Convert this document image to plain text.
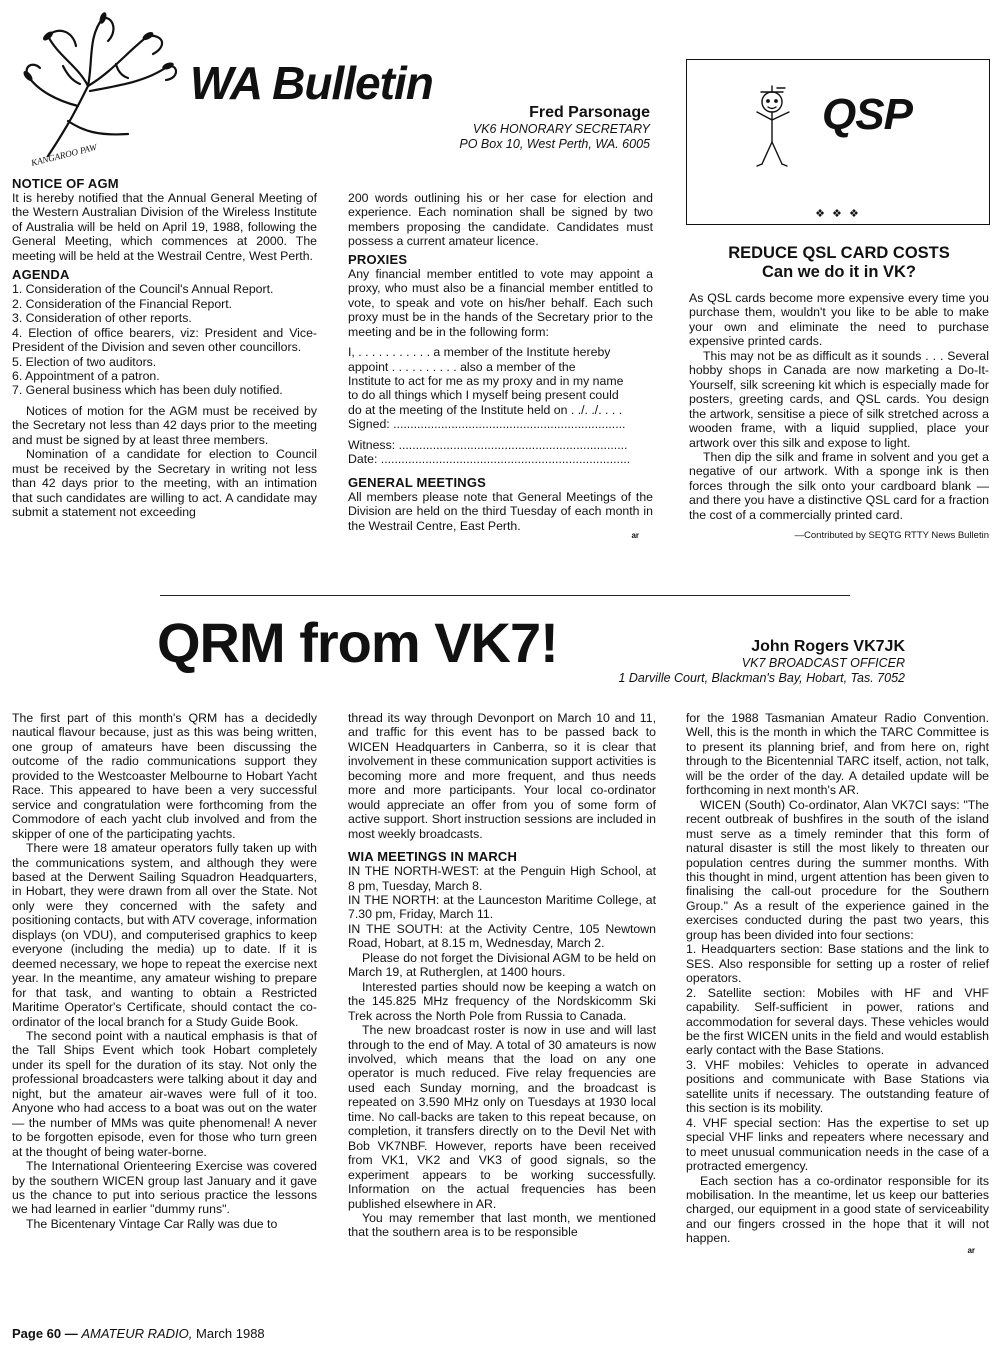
KANGAROO PAW
WA Bulletin
Fred Parsonage
VK6 HONORARY SECRETARY
PO Box 10, West Perth, WA. 6005

NOTICE OF AGM

It is hereby notified that the Annual General Meeting of the Western Australian Division of the Wireless Institute of Australia will be held on April 19, 1988, following the General Meeting, which commences at 2000. The meeting will be held at the Westrail Centre, West Perth.

AGENDA

1. Consideration of the Council's Annual Report.

2. Consideration of the Financial Report.

3. Consideration of other reports.

4. Election of office bearers, viz: President and Vice-President of the Division and seven other councillors.

5. Election of two auditors.

6. Appointment of a patron.

7. General business which has been duly notified.

Notices of motion for the AGM must be received by the Secretary not less than 42 days prior to the meeting and must be signed by at least three members.

Nomination of a candidate for election to Council must be received by the Secretary in writing not less than 42 days prior to the meeting, with an intimation that such candidates are willing to act. A candidate may submit a statement not exceeding

200 words outlining his or her case for election and experience. Each nomination shall be signed by two members proposing the candidate. Candidates must possess a current amateur licence.

PROXIES

Any financial member entitled to vote may appoint a proxy, who must also be a financial member entitled to vote, to speak and vote on his/her behalf. Each such proxy must be in the hands of the Secretary prior to the meeting and be in the following form:

I, . . . . . . . . . . . a member of the Institute hereby

appoint . . . . . . . . . . also a member of the

Institute to act for me as my proxy and in my name

to do all things which I myself being present could

do at the meeting of the Institute held on . ./. ./. . . .

Signed: ....................................................................

Witness: ...................................................................

Date: .........................................................................

GENERAL MEETINGS

All members please note that General Meetings of the Division are held on the third Tuesday of each month in the Westrail Centre, East Perth.

ar
QSP
❖ ❖ ❖

REDUCE QSL CARD COSTS

Can we do it in VK?

As QSL cards become more expensive every time you purchase them, wouldn't you like to be able to make your own and eliminate the need to purchase expensive printed cards.

This may not be as difficult as it sounds . . . Several hobby shops in Canada are now marketing a Do-It-Yourself, silk screening kit which is especially made for posters, greeting cards, and QSL cards. You design the artwork, sensitise a piece of silk stretched across a wooden frame, with a liquid supplied, place your artwork over this silk and expose to light.

Then dip the silk and frame in solvent and you get a negative of our artwork. With a sponge ink is then forces through the silk onto your cardboard blank — and there you have a distinctive QSL card for a fraction the cost of a commercially printed card.

—Contributed by SEQTG RTTY News Bulletin

QRM from VK7!	John Rogers VK7JK
VK7 BROADCAST OFFICER
1 Darville Court, Blackman's Bay, Hobart, Tas. 7052

The first part of this month's QRM has a decidedly nautical flavour because, just as this was being written, one group of amateurs have been discussing the outcome of the radio communications support they provided to the Westcoaster Melbourne to Hobart Yacht Race. This appeared to have been a very successful service and congratulation were forthcoming from the Commodore of each yacht club involved and from the skipper of one of the participating yachts.

There were 18 amateur operators fully taken up with the communications system, and although they were based at the Derwent Sailing Squadron Headquarters, in Hobart, they were drawn from all over the State. Not only were they concerned with the safety and positioning contacts, but with ATV coverage, information displays (on VDU), and computerised graphics to keep everyone (including the media) up to date. If it is deemed necessary, we hope to repeat the exercise next year. In the meantime, any amateur wishing to prepare for that task, and wanting to obtain a Restricted Maritime Operator's Certificate, should contact the co-ordinator of the local branch for a Study Guide Book.

The second point with a nautical emphasis is that of the Tall Ships Event which took Hobart completely under its spell for the duration of its stay. Not only the professional broadcasters were talking about it day and night, but the amateur air-waves were full of it too. Anyone who had access to a boat was out on the water — the number of MMs was quite phenomenal! A never to be forgotten episode, even for those who turn green at the thought of being water-borne.

The International Orienteering Exercise was covered by the southern WICEN group last January and it gave us the chance to put into serious practice the lessons we had learned in earlier "dummy runs".

The Bicentenary Vintage Car Rally was due to

thread its way through Devonport on March 10 and 11, and traffic for this event has to be passed back to WICEN Headquarters in Canberra, so it is clear that involvement in these communication support activities is becoming more and more frequent, and thus needs more and more participants. Your local co-ordinator would appreciate an offer from you of some form of active support. Short instruction sessions are included in most weekly broadcasts.

WIA MEETINGS IN MARCH

IN THE NORTH-WEST: at the Penguin High School, at 8 pm, Tuesday, March 8.

IN THE NORTH: at the Launceston Maritime College, at 7.30 pm, Friday, March 11.

IN THE SOUTH: at the Activity Centre, 105 Newtown Road, Hobart, at 8.15 m, Wednesday, March 2.

Please do not forget the Divisional AGM to be held on March 19, at Rutherglen, at 1400 hours.

Interested parties should now be keeping a watch on the 145.825 MHz frequency of the Nordskicomm Ski Trek across the North Pole from Russia to Canada.

The new broadcast roster is now in use and will last through to the end of May. A total of 30 amateurs is now involved, which means that the load on any one operator is much reduced. Five relay frequencies are used each Sunday morning, and the broadcast is repeated on 3.590 MHz only on Tuesdays at 1930 local time. No call-backs are taken to this repeat because, on completion, it transfers directly on to the Devil Net with Bob VK7NBF. However, reports have been received from VK1, VK2 and VK3 of good signals, so the experiment appears to be working successfully. Information on the actual frequencies has been published elsewhere in AR.

You may remember that last month, we mentioned that the southern area is to be responsible

for the 1988 Tasmanian Amateur Radio Convention. Well, this is the month in which the TARC Committee is to present its planning brief, and from here on, right through to the Bicentennial TARC itself, action, not talk, will be the order of the day. A detailed update will be forthcoming in next month's AR.

WICEN (South) Co-ordinator, Alan VK7CI says: "The recent outbreak of bushfires in the south of the island must serve as a timely reminder that this form of natural disaster is still the most likely to threaten our population centres during the summer months. With this thought in mind, urgent attention has been given to finalising the call-out procedure for the Southern Group." As a result of the experience gained in the exercises conducted during the past two years, this group has been divided into four sections:

1. Headquarters section: Base stations and the link to SES. Also responsible for setting up a roster of relief operators.

2. Satellite section: Mobiles with HF and VHF capability. Self-sufficient in power, rations and accommodation for several days. These vehicles would be the first WICEN units in the field and would establish early contact with the Base Stations.

3. VHF mobiles: Vehicles to operate in advanced positions and communicate with Base Stations via satellite units if necessary. The outstanding feature of this section is its mobility.

4. VHF special section: Has the expertise to set up special VHF links and repeaters where necessary and to meet unusual communication needs in the case of a protracted emergency.

Each section has a co-ordinator responsible for its mobilisation. In the meantime, let us keep our batteries charged, our equipment in a good state of serviceability and our fingers crossed in the hope that it will not happen.

ar
Page 60 — AMATEUR RADIO, March 1988
